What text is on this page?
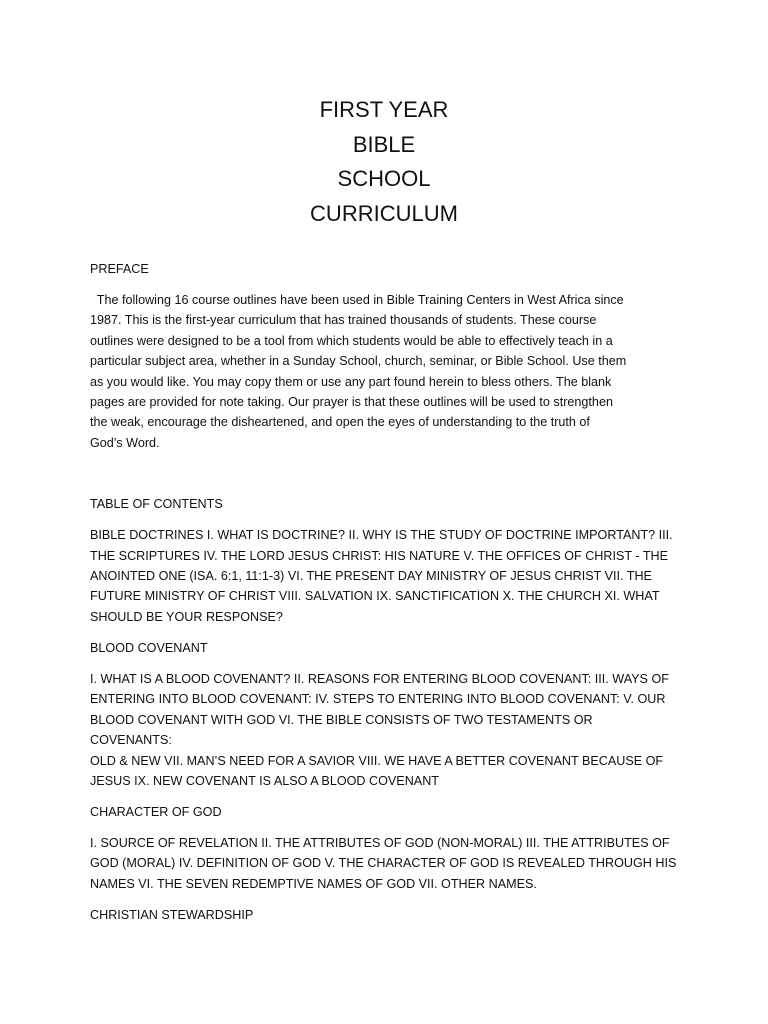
FIRST YEAR
BIBLE
SCHOOL
CURRICULUM
PREFACE
The following 16 course outlines have been used in Bible Training Centers in West Africa since
1987. This is the first-year curriculum that has trained thousands of students. These course
outlines were designed to be a tool from which students would be able to effectively teach in a
particular subject area, whether in a Sunday School, church, seminar, or Bible School. Use them
as you would like. You may copy them or use any part found herein to bless others. The blank
pages are provided for note taking. Our prayer is that these outlines will be used to strengthen
the weak, encourage the disheartened, and open the eyes of understanding to the truth of
God’s Word.
TABLE OF CONTENTS
BIBLE DOCTRINES I. WHAT IS DOCTRINE? II. WHY IS THE STUDY OF DOCTRINE IMPORTANT? III.
THE SCRIPTURES IV. THE LORD JESUS CHRIST: HIS NATURE V. THE OFFICES OF CHRIST - THE
ANOINTED ONE (ISA. 6:1, 11:1-3) VI. THE PRESENT DAY MINISTRY OF JESUS CHRIST VII. THE
FUTURE MINISTRY OF CHRIST VIII. SALVATION IX. SANCTIFICATION X. THE CHURCH XI. WHAT
SHOULD BE YOUR RESPONSE?
BLOOD COVENANT
I. WHAT IS A BLOOD COVENANT? II. REASONS FOR ENTERING BLOOD COVENANT: III. WAYS OF
ENTERING INTO BLOOD COVENANT: IV. STEPS TO ENTERING INTO BLOOD COVENANT: V. OUR
BLOOD COVENANT WITH GOD VI. THE BIBLE CONSISTS OF TWO TESTAMENTS OR COVENANTS:
OLD & NEW VII. MAN’S NEED FOR A SAVIOR VIII. WE HAVE A BETTER COVENANT BECAUSE OF
JESUS IX. NEW COVENANT IS ALSO A BLOOD COVENANT
CHARACTER OF GOD
I. SOURCE OF REVELATION II. THE ATTRIBUTES OF GOD (NON-MORAL) III. THE ATTRIBUTES OF
GOD (MORAL) IV. DEFINITION OF GOD V. THE CHARACTER OF GOD IS REVEALED THROUGH HIS
NAMES VI. THE SEVEN REDEMPTIVE NAMES OF GOD VII. OTHER NAMES.
CHRISTIAN STEWARDSHIP
